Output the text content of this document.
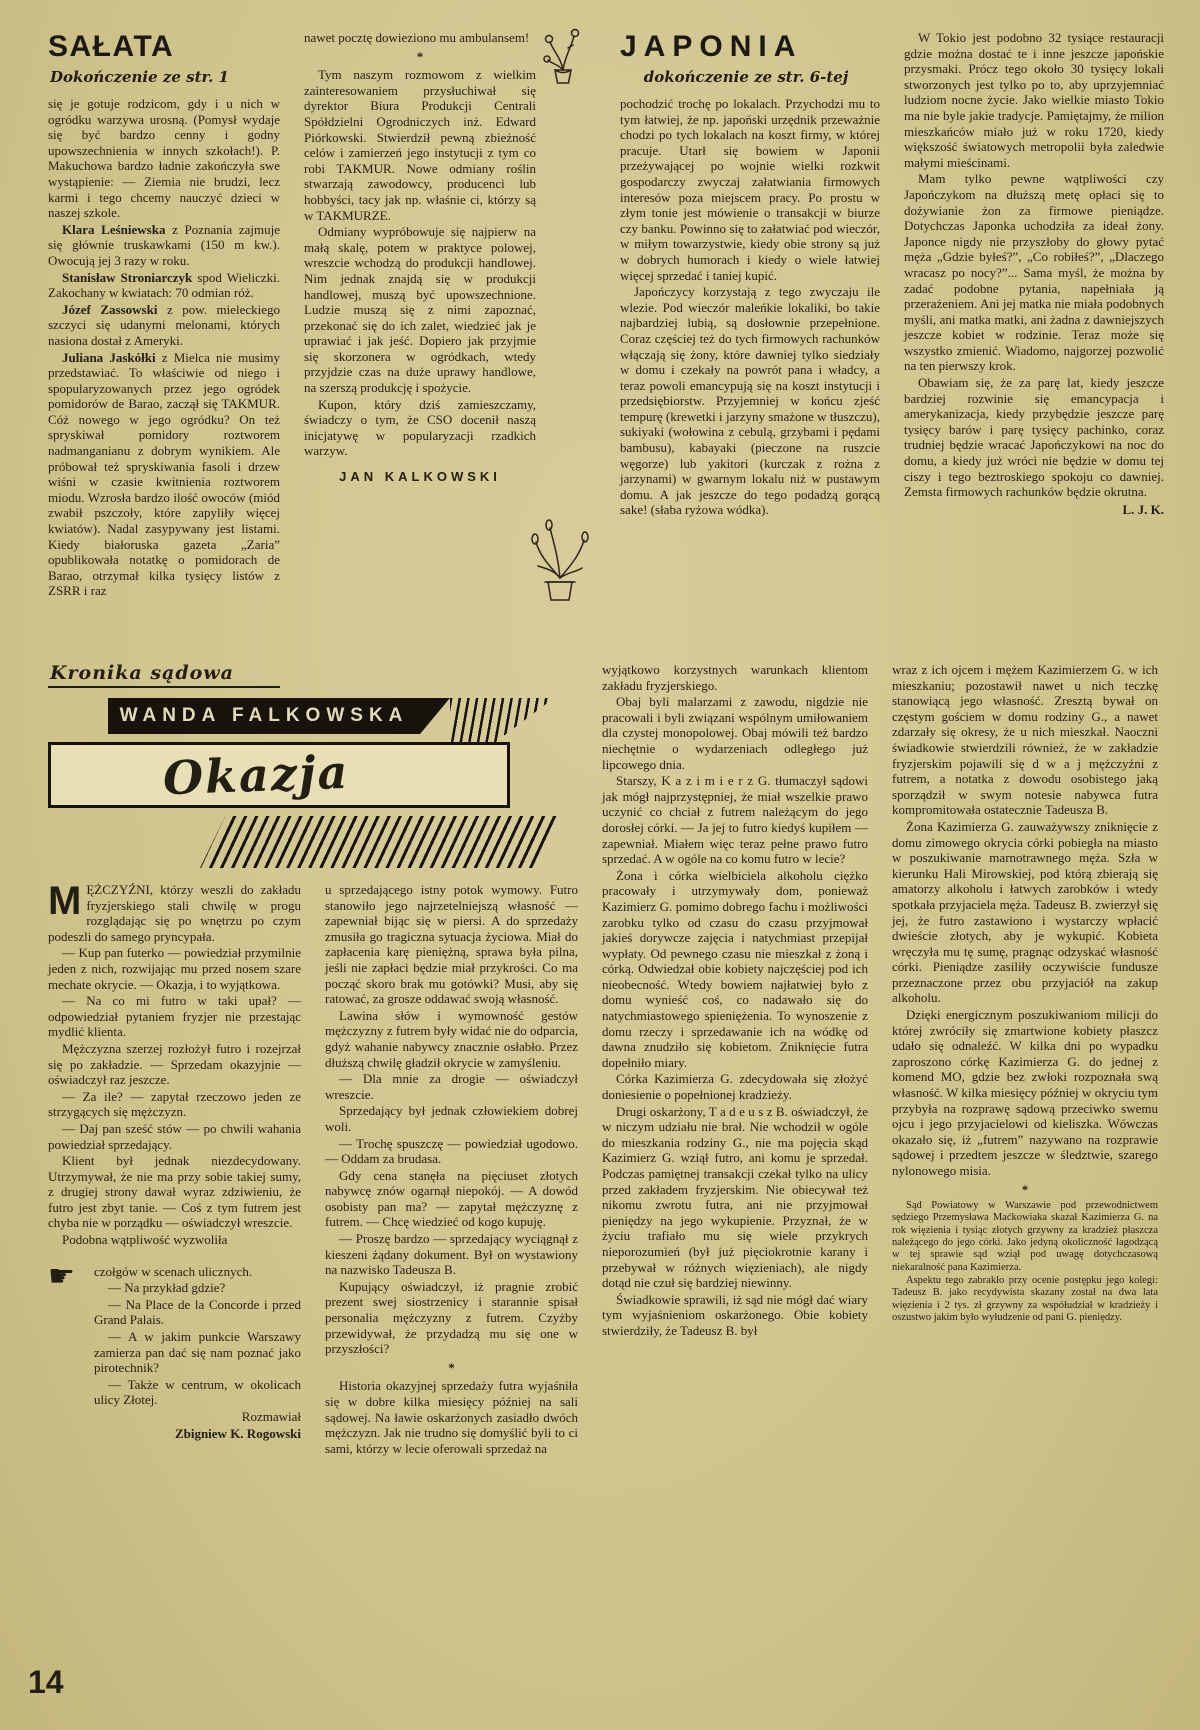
SAŁATA
Dokończenie ze str. 1

się je gotuje rodzicom, gdy i u nich w ogródku warzywa urosną. (Pomysł wydaje się być bardzo cenny i godny upowszechnienia w innych szkołach!). P. Makuchowa bardzo ładnie zakończyła swe wystąpienie: — Ziemia nie brudzi, lecz karmi i tego chcemy nauczyć dzieci w naszej szkole.

Klara Leśniewska z Poznania zajmuje się głównie truskawkami (150 m kw.). Owocują jej 3 razy w roku.

Stanisław Stroniarczyk spod Wieliczki. Zakochany w kwiatach: 70 odmian róż.

Józef Zassowski z pow. mieleckiego szczyci się udanymi melonami, których nasiona dostał z Ameryki.

Juliana Jaskółki z Mielca nie musimy przedstawiać. To właściwie od niego i spopularyzowanych przez jego ogródek pomidorów de Barao, zaczął się TAKMUR. Cóż nowego w jego ogródku? On też spryskiwał pomidory roztworem nadmanganianu z dobrym wynikiem. Ale próbował też spryskiwania fasoli i drzew wiśni w czasie kwitnienia roztworem miodu. Wzrosła bardzo ilość owoców (miód zwabił pszczoły, które zapyliły więcej kwiatów). Nadal zasypywany jest listami. Kiedy białoruska gazeta „Zaria” opublikowała notatkę o pomidorach de Barao, otrzymał kilka tysięcy listów z ZSRR i raz

nawet pocztę dowieziono mu ambulansem!

*

Tym naszym rozmowom z wielkim zainteresowaniem przysłuchiwał się dyrektor Biura Produkcji Centrali Spółdzielni Ogrodniczych inż. Edward Piórkowski. Stwierdził pewną zbieżność celów i zamierzeń jego instytucji z tym co robi TAKMUR. Nowe odmiany roślin stwarzają zawodowcy, producenci lub hobbyści, tacy jak np. właśnie ci, którzy są w TAKMURZE.

Odmiany wypróbowuje się najpierw na małą skalę, potem w praktyce polowej, wreszcie wchodzą do produkcji handlowej. Nim jednak znajdą się w produkcji handlowej, muszą być upowszechnione. Ludzie muszą się z nimi zapoznać, przekonać się do ich zalet, wiedzieć jak je uprawiać i jak jeść. Dopiero jak przyjmie się skorzonera w ogródkach, wtedy przyjdzie czas na duże uprawy handlowe, na szerszą produkcję i spożycie.

Kupon, który dziś zamieszczamy, świadczy o tym, że CSO docenił naszą inicjatywę w popularyzacji rzadkich warzyw.

JAN KALKOWSKI

JAPONIA
dokończenie ze str. 6-tej

pochodzić trochę po lokalach. Przychodzi mu to tym łatwiej, że np. japoński urzędnik przeważnie chodzi po tych lokalach na koszt firmy, w której pracuje. Utarł się bowiem w Japonii przeżywającej po wojnie wielki rozkwit gospodarczy zwyczaj załatwiania firmowych interesów poza miejscem pracy. Po prostu w złym tonie jest mówienie o transakcji w biurze czy banku. Powinno się to załatwiać pod wieczór, w miłym towarzystwie, kiedy obie strony są już w dobrych humorach i kiedy o wiele łatwiej więcej sprzedać i taniej kupić.

Japończycy korzystają z tego zwyczaju ile wlezie. Pod wieczór maleńkie lokaliki, bo takie najbardziej lubią, są dosłownie przepełnione. Coraz częściej też do tych firmowych rachunków włączają się żony, które dawniej tylko siedziały w domu i czekały na powrót pana i władcy, a teraz powoli emancypują się na koszt instytucji i przedsiębiorstw. Przyjemniej w końcu zjeść tempurę (krewetki i jarzyny smażone w tłuszczu), sukiyaki (wołowina z cebulą, grzybami i pędami bambusu), kabayaki (pieczone na ruszcie węgorze) lub yakitori (kurczak z rożna z jarzynami) w gwarnym lokalu niż w pustawym domu. A jak jeszcze do tego podadzą gorącą sake! (słaba ryżowa wódka).

W Tokio jest podobno 32 tysiące restauracji gdzie można dostać te i inne jeszcze japońskie przysmaki. Prócz tego około 30 tysięcy lokali stworzonych jest tylko po to, aby uprzyjemniać ludziom nocne życie. Jako wielkie miasto Tokio ma nie byle jakie tradycje. Pamiętajmy, że milion mieszkańców miało już w roku 1720, kiedy większość światowych metropolii była zaledwie małymi mieścinami.

Mam tylko pewne wątpliwości czy Japończykom na dłuższą metę opłaci się to dożywianie żon za firmowe pieniądze. Dotychczas Japonka uchodziła za ideał żony. Japonce nigdy nie przyszłoby do głowy pytać męża „Gdzie byłeś?”, „Co robiłeś?”, „Dlaczego wracasz po nocy?”... Sama myśl, że można by zadać podobne pytania, napełniała ją przerażeniem. Ani jej matka nie miała podobnych myśli, ani matka matki, ani żadna z dawniejszych jeszcze kobiet w rodzinie. Teraz może się wszystko zmienić. Wiadomo, najgorzej pozwolić na ten pierwszy krok.

Obawiam się, że za parę lat, kiedy jeszcze bardziej rozwinie się emancypacja i amerykanizacja, kiedy przybędzie jeszcze parę tysięcy barów i parę tysięcy pachinko, coraz trudniej będzie wracać Japończykowi na noc do domu, a kiedy już wróci nie będzie w domu tej ciszy i tego beztroskiego spokoju co dawniej. Zemsta firmowych rachunków będzie okrutna.

L. J. K.

Kronika sądowa
WANDA FALKOWSKA
Okazja

MĘŻCZYŹNI, którzy weszli do zakładu fryzjerskiego stali chwilę w progu rozglądając się po wnętrzu po czym podeszli do samego pryncypała.

— Kup pan futerko — powiedział przymilnie jeden z nich, rozwijając mu przed nosem szare mechate okrycie. — Okazja, i to wyjątkowa.

— Na co mi futro w taki upał? — odpowiedział pytaniem fryzjer nie przestając mydlić klienta.

Mężczyzna szerzej rozłożył futro i rozejrzał się po zakładzie. — Sprzedam okazyjnie — oświadczył raz jeszcze.

— Za ile? — zapytał rzeczowo jeden ze strzygących się mężczyzn.

— Daj pan sześć stów — po chwili wahania powiedział sprzedający.

Klient był jednak niezdecydowany. Utrzymywał, że nie ma przy sobie takiej sumy, z drugiej strony dawał wyraz zdziwieniu, że futro jest zbyt tanie. — Coś z tym futrem jest chyba nie w porządku — oświadczył wreszcie.

Podobna wątpliwość wyzwoliła

☛ czołgów w scenach ulicznych.

— Na przykład gdzie?

— Na Place de la Concorde i przed Grand Palais.

— A w jakim punkcie Warszawy zamierza pan dać się nam poznać jako pirotechnik?

— Także w centrum, w okolicach ulicy Złotej.

Rozmawiał

Zbigniew K. Rogowski

u sprzedającego istny potok wymowy. Futro stanowiło jego najrzetelniejszą własność — zapewniał bijąc się w piersi. A do sprzedaży zmusiła go tragiczna sytuacja życiowa. Miał do zapłacenia karę pieniężną, sprawa była pilna, jeśli nie zapłaci będzie miał przykrości. Co ma począć skoro brak mu gotówki? Musi, aby się ratować, za grosze oddawać swoją własność.

Lawina słów i wymowność gestów mężczyzny z futrem były widać nie do odparcia, gdyż wahanie nabywcy znacznie osłabło. Przez dłuższą chwilę gładził okrycie w zamyśleniu.

— Dla mnie za drogie — oświadczył wreszcie.

Sprzedający był jednak człowiekiem dobrej woli.

— Trochę spuszczę — powiedział ugodowo. — Oddam za brudasa.

Gdy cena stanęła na pięciuset złotych nabywcę znów ogarnął niepokój. — A dowód osobisty pan ma? — zapytał mężczyznę z futrem. — Chcę wiedzieć od kogo kupuję.

— Proszę bardzo — sprzedający wyciągnął z kieszeni żądany dokument. Był on wystawiony na nazwisko Tadeusza B.

Kupujący oświadczył, iż pragnie zrobić prezent swej siostrzenicy i starannie spisał personalia mężczyzny z futrem. Czyżby przewidywał, że przydadzą mu się one w przyszłości?

*

Historia okazyjnej sprzedaży futra wyjaśniła się w dobre kilka miesięcy później na sali sądowej. Na ławie oskarżonych zasiadło dwóch mężczyzn. Jak nie trudno się domyślić byli to ci sami, którzy w lecie oferowali sprzedaż na

wyjątkowo korzystnych warunkach klientom zakładu fryzjerskiego.

Obaj byli malarzami z zawodu, nigdzie nie pracowali i byli związani wspólnym umiłowaniem dla czystej monopolowej. Obaj mówili też bardzo niechętnie o wydarzeniach odległego już lipcowego dnia.

Starszy, K a z i m i e r z G. tłumaczył sądowi jak mógł najprzystępniej, że miał wszelkie prawo uczynić co chciał z futrem należącym do jego dorosłej córki. — Ja jej to futro kiedyś kupiłem — zapewniał. Miałem więc teraz pełne prawo futro sprzedać. A w ogóle na co komu futro w lecie?

Żona i córka wielbiciela alkoholu ciężko pracowały i utrzymywały dom, ponieważ Kazimierz G. pomimo dobrego fachu i możliwości zarobku tylko od czasu do czasu przyjmował jakieś dorywcze zajęcia i natychmiast przepijał wypłaty. Od pewnego czasu nie mieszkał z żoną i córką. Odwiedzał obie kobiety najczęściej pod ich nieobecność. Wtedy bowiem najłatwiej było z domu wynieść coś, co nadawało się do natychmiastowego spieniężenia. To wynoszenie z domu rzeczy i sprzedawanie ich na wódkę od dawna znudziło się kobietom. Zniknięcie futra dopełniło miary.

Córka Kazimierza G. zdecydowała się złożyć doniesienie o popełnionej kradzieży.

Drugi oskarżony, T a d e u s z B. oświadczył, że w niczym udziału nie brał. Nie wchodził w ogóle do mieszkania rodziny G., nie ma pojęcia skąd Kazimierz G. wziął futro, ani komu je sprzedał. Podczas pamiętnej transakcji czekał tylko na ulicy przed zakładem fryzjerskim. Nie obiecywał też nikomu zwrotu futra, ani nie przyjmował pieniędzy na jego wykupienie. Przyznał, że w życiu trafiało mu się wiele przykrych nieporozumień (był już pięciokrotnie karany i przebywał w różnych więzieniach), ale nigdy dotąd nie czuł się bardziej niewinny.

Świadkowie sprawili, iż sąd nie mógł dać wiary tym wyjaśnieniom oskarżonego. Obie kobiety stwierdziły, że Tadeusz B. był

wraz z ich ojcem i mężem Kazimierzem G. w ich mieszkaniu; pozostawił nawet u nich teczkę stanowiącą jego własność. Zresztą bywał on częstym gościem w domu rodziny G., a nawet zdarzały się okresy, że u nich mieszkał. Naoczni świadkowie stwierdzili również, że w zakładzie fryzjerskim pojawili się d w a j mężczyźni z futrem, a notatka z dowodu osobistego jaką sporządził w swym notesie nabywca futra kompromitowała ostatecznie Tadeusza B.

Żona Kazimierza G. zauważywszy zniknięcie z domu zimowego okrycia córki pobiegła na miasto w poszukiwanie marnotrawnego męża. Szła w kierunku Hali Mirowskiej, pod którą zbierają się amatorzy alkoholu i łatwych zarobków i wtedy spotkała przyjaciela męża. Tadeusz B. zwierzył się jej, że futro zastawiono i wystarczy wpłacić dwieście złotych, aby je wykupić. Kobieta wręczyła mu tę sumę, pragnąc odzyskać własność córki. Pieniądze zasiliły oczywiście fundusze przeznaczone przez obu przyjaciół na zakup alkoholu.

Dzięki energicznym poszukiwaniom milicji do której zwróciły się zmartwione kobiety płaszcz udało się odnaleźć. W kilka dni po wypadku zaproszono córkę Kazimierza G. do jednej z komend MO, gdzie bez zwłoki rozpoznała swą własność. W kilka miesięcy później w okryciu tym przybyła na rozprawę sądową przeciwko swemu ojcu i jego przyjacielowi od kieliszka. Wówczas okazało się, iż „futrem” nazywano na rozprawie sądowej i przedtem jeszcze w śledztwie, szarego nylonowego misia.

*

Sąd Powiatowy w Warszawie pod przewodnictwem sędziego Przemysława Maćkowiaka skazał Kazimierza G. na rok więzienia i tysiąc złotych grzywny za kradzież płaszcza należącego do jego córki. Jako jedyną okoliczność łagodzącą w tej sprawie sąd wziął pod uwagę dotychczasową niekaralność pana Kazimierza.

Aspektu tego zabrakło przy ocenie postępku jego kolegi: Tadeusz B. jako recydywista skazany został na dwa lata więzienia i 2 tys. zł grzywny za współudział w kradzieży i oszustwo jakim było wyłudzenie od pani G. pieniędzy.

14
